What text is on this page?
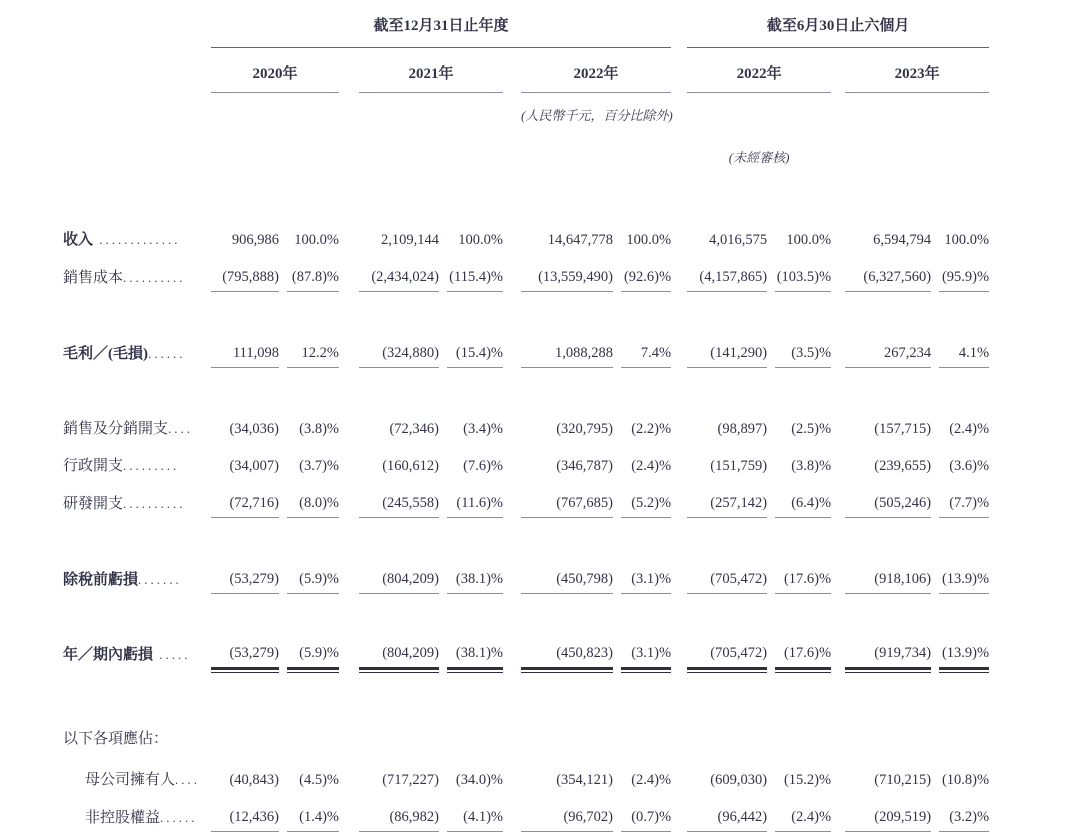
	截至12月31日止年度												截至6月30日止六個月						
	2020年				2021年				2022年				2022年				2023年		
									(人民幣千元，百分比除外)										
													(未經審核)						

收入 .............	906,986		100.0%		2,109,144		100.0%		14,647,778		100.0%		4,016,575		100.0%		6,594,794		100.0%
銷售成本..........	(795,888)		(87.8)%		(2,434,024)		(115.4)%		(13,559,490)		(92.6)%		(4,157,865)		(103.5)%		(6,327,560)		(95.9)%

毛利／(毛損)......	111,098		12.2%		(324,880)		(15.4)%		1,088,288		7.4%		(141,290)		(3.5)%		267,234		4.1%

銷售及分銷開支....	(34,036)		(3.8)%		(72,346)		(3.4)%		(320,795)		(2.2)%		(98,897)		(2.5)%		(157,715)		(2.4)%
行政開支.........	(34,007)		(3.7)%		(160,612)		(7.6)%		(346,787)		(2.4)%		(151,759)		(3.8)%		(239,655)		(3.6)%
研發開支..........	(72,716)		(8.0)%		(245,558)		(11.6)%		(767,685)		(5.2)%		(257,142)		(6.4)%		(505,246)		(7.7)%

除稅前虧損.......	(53,279)		(5.9)%		(804,209)		(38.1)%		(450,798)		(3.1)%		(705,472)		(17.6)%		(918,106)		(13.9)%

年／期內虧損 .....	(53,279)		(5.9)%		(804,209)		(38.1)%		(450,823)		(3.1)%		(705,472)		(17.6)%		(919,734)		(13.9)%

以下各項應佔：																			
母公司擁有人....	(40,843)		(4.5)%		(717,227)		(34.0)%		(354,121)		(2.4)%		(609,030)		(15.2)%		(710,215)		(10.8)%
非控股權益......	(12,436)		(1.4)%		(86,982)		(4.1)%		(96,702)		(0.7)%		(96,442)		(2.4)%		(209,519)		(3.2)%
